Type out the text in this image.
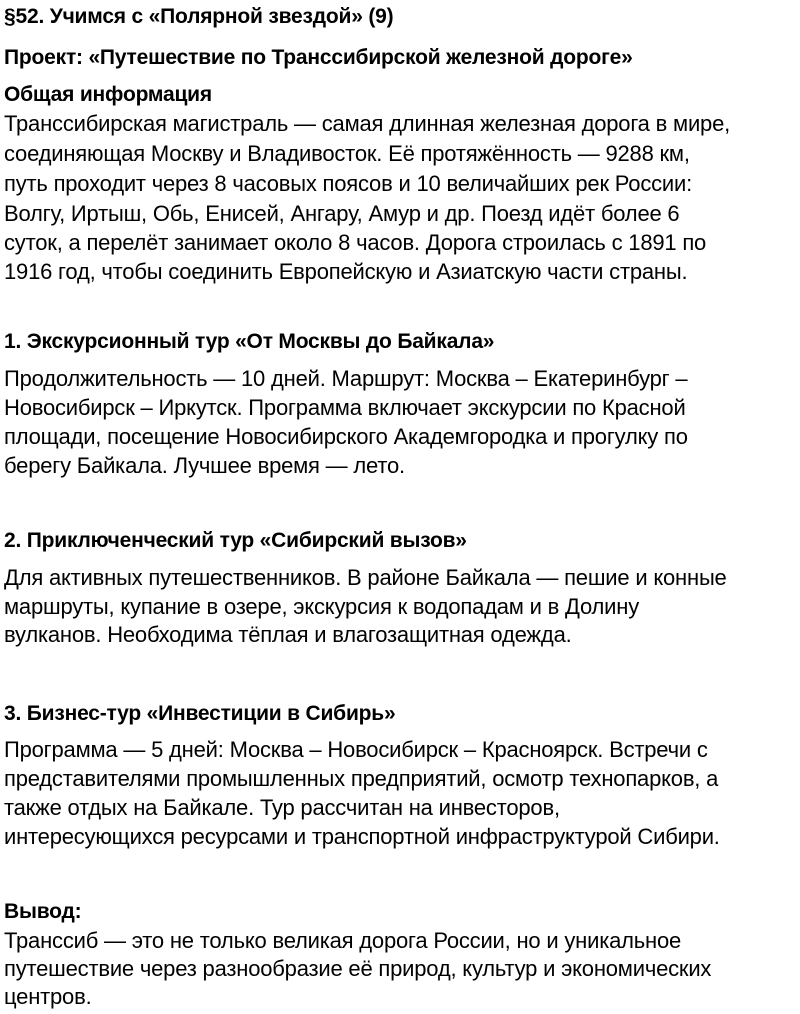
§52. Учимся с «Полярной звездой» (9)
Проект: «Путешествие по Транссибирской железной дороге»
Общая информация
Транссибирская магистраль — самая длинная железная дорога в мире,
соединяющая Москву и Владивосток. Её протяжённость — 9288 км,
путь проходит через 8 часовых поясов и 10 величайших рек России:
Волгу, Иртыш, Обь, Енисей, Ангару, Амур и др. Поезд идёт более 6
суток, а перелёт занимает около 8 часов. Дорога строилась с 1891 по
1916 год, чтобы соединить Европейскую и Азиатскую части страны.
1. Экскурсионный тур «От Москвы до Байкала»
Продолжительность — 10 дней. Маршрут: Москва – Екатеринбург –
Новосибирск – Иркутск. Программа включает экскурсии по Красной
площади, посещение Новосибирского Академгородка и прогулку по
берегу Байкала. Лучшее время — лето.
2. Приключенческий тур «Сибирский вызов»
Для активных путешественников. В районе Байкала — пешие и конные
маршруты, купание в озере, экскурсия к водопадам и в Долину
вулканов. Необходима тёплая и влагозащитная одежда.
3. Бизнес-тур «Инвестиции в Сибирь»
Программа — 5 дней: Москва – Новосибирск – Красноярск. Встречи с
представителями промышленных предприятий, осмотр технопарков, а
также отдых на Байкале. Тур рассчитан на инвесторов,
интересующихся ресурсами и транспортной инфраструктурой Сибири.
Вывод:
Транссиб — это не только великая дорога России, но и уникальное
путешествие через разнообразие её природ, культур и экономических
центров.
